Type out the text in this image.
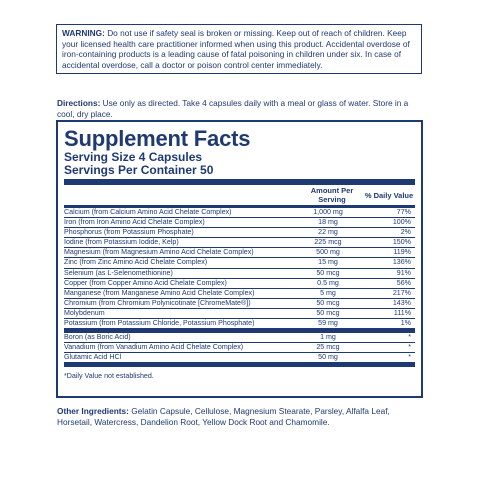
WARNING: Do not use if safety seal is broken or missing. Keep out of reach of children. Keep your licensed health care practitioner informed when using this product. Accidental overdose of iron-containing products is a leading cause of fatal poisoning in children under six. In case of accidental overdose, call a doctor or poison control center immediately.
Directions: Use only as directed. Take 4 capsules daily with a meal or glass of water. Store in a cool, dry place.
Supplement Facts
Serving Size 4 Capsules
Servings Per Container 50
Amount Per Serving	% Daily Value
Calcium (from Calcium Amino Acid Chelate Complex)	1,000 mg	77%
Iron (from Iron Amino Acid Chelate Complex)	18 mg	100%
Phosphorus (from Potassium Phosphate)	22 mg	2%
Iodine (from Potassium Iodide, Kelp)	225 mcg	150%
Magnesium (from Magnesium Amino Acid Chelate Complex)	500 mg	119%
Zinc (from Zinc Amino Acid Chelate Complex)	15 mg	136%
Selenium (as L-Selenomethionine)	50 mcg	91%
Copper (from Copper Amino Acid Chelate Complex)	0.5 mg	56%
Manganese (from Manganese Amino Acid Chelate Complex)	5 mg	217%
Chromium (from Chromium Polynicotinate [ChromeMate®])	50 mcg	143%
Molybdenum	50 mcg	111%
Potassium (from Potassium Chloride, Potassium Phosphate)	59 mg	1%
Boron (as Boric Acid)	1 mg	*
Vanadium (from Vanadium Amino Acid Chelate Complex)	25 mcg	*
Glutamic Acid HCl	50 mg	*
*Daily Value not established.
Other Ingredients: Gelatin Capsule, Cellulose, Magnesium Stearate, Parsley, Alfalfa Leaf, Horsetail, Watercress, Dandelion Root, Yellow Dock Root and Chamomile.
